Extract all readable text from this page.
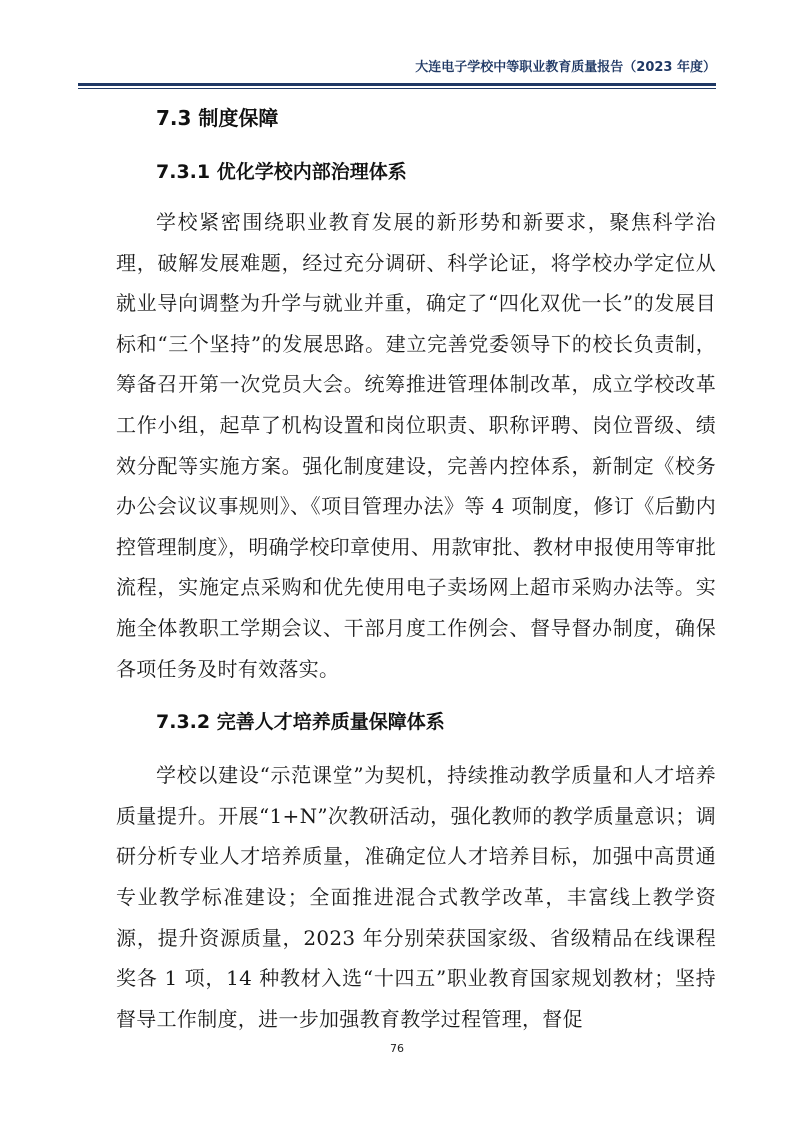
大连电子学校中等职业教育质量报告（2023 年度）
7.3 制度保障
7.3.1 优化学校内部治理体系

学校紧密围绕职业教育发展的新形势和新要求，聚焦科学治理，破解发展难题，经过充分调研、科学论证，将学校办学定位从就业导向调整为升学与就业并重，确定了“四化双优一长”的发展目标和“三个坚持”的发展思路。建立完善党委领导下的校长负责制，筹备召开第一次党员大会。统筹推进管理体制改革，成立学校改革工作小组，起草了机构设置和岗位职责、职称评聘、岗位晋级、绩效分配等实施方案。强化制度建设，完善内控体系，新制定《校务办公会议议事规则》、《项目管理办法》等 4 项制度，修订《后勤内控管理制度》，明确学校印章使用、用款审批、教材申报使用等审批流程，实施定点采购和优先使用电子卖场网上超市采购办法等。实施全体教职工学期会议、干部月度工作例会、督导督办制度，确保各项任务及时有效落实。

7.3.2 完善人才培养质量保障体系

学校以建设“示范课堂”为契机，持续推动教学质量和人才培养质量提升。开展“1+N”次教研活动，强化教师的教学质量意识；调研分析专业人才培养质量，准确定位人才培养目标，加强中高贯通专业教学标准建设；全面推进混合式教学改革，丰富线上教学资源，提升资源质量，2023 年分别荣获国家级、省级精品在线课程奖各 1 项，14 种教材入选“十四五”职业教育国家规划教材；坚持督导工作制度，进一步加强教育教学过程管理，督促

76
